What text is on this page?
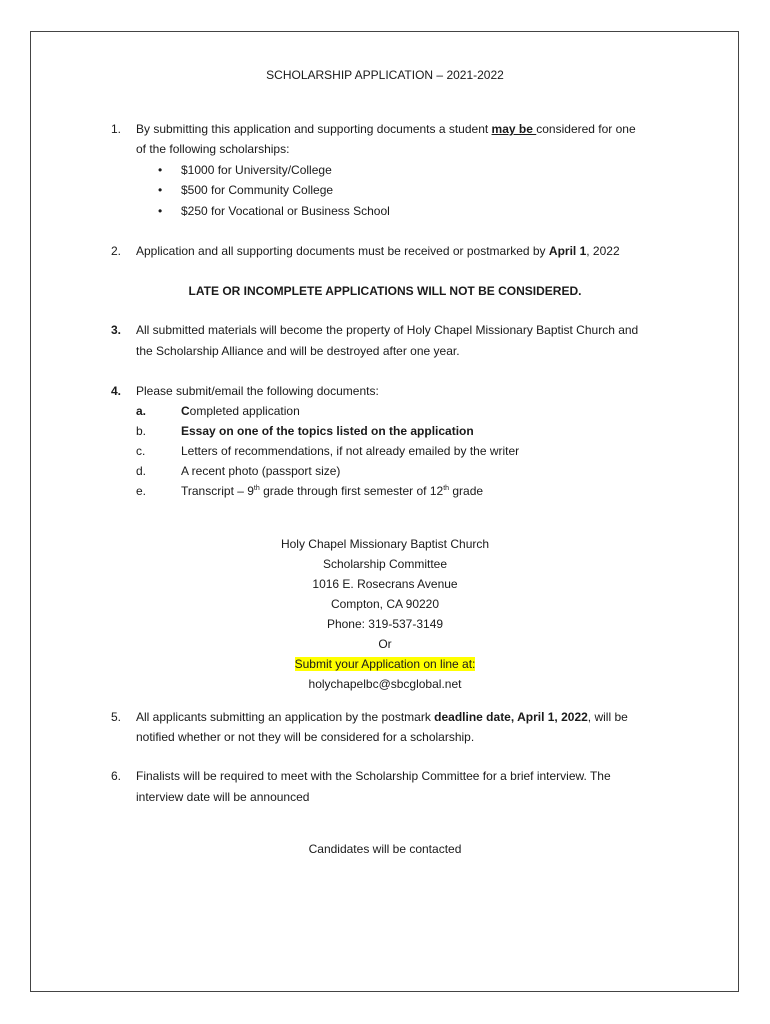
SCHOLARSHIP APPLICATION – 2021-2022
1. By submitting this application and supporting documents a student may be considered for one
of the following scholarships:
• $1000 for University/College
• $500 for Community College
• $250 for Vocational or Business School
2. Application and all supporting documents must be received or postmarked by April 1, 2022
LATE OR INCOMPLETE APPLICATIONS WILL NOT BE CONSIDERED.
3. All submitted materials will become the property of Holy Chapel Missionary Baptist Church and
the Scholarship Alliance and will be destroyed after one year.
4. Please submit/email the following documents:
a.	Completed application
b.	Essay on one of the topics listed on the application
c.	Letters of recommendations, if not already emailed by the writer
d.	A recent photo (passport size)
e.	Transcript – 9th grade through first semester of 12th grade
Holy Chapel Missionary Baptist Church
Scholarship Committee
1016 E. Rosecrans Avenue
Compton, CA 90220
Phone: 319-537-3149
Or
Submit your Application on line at:
holychapelbc@sbcglobal.net
5. All applicants submitting an application by the postmark deadline date, April 1, 2022, will be
notified whether or not they will be considered for a scholarship.
6. Finalists will be required to meet with the Scholarship Committee for a brief interview. The
interview date will be announced
Candidates will be contacted
